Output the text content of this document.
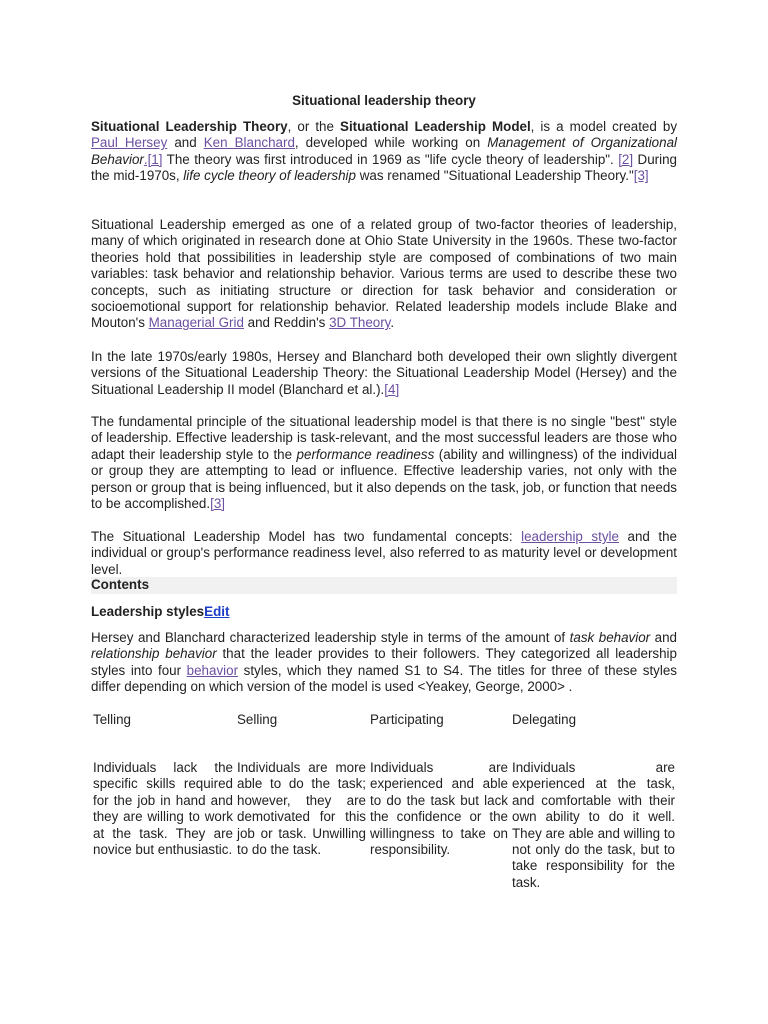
Situational leadership theory

Situational Leadership Theory, or the Situational Leadership Model, is a model created by Paul Hersey and Ken Blanchard, developed while working on Management of Organizational Behavior.[1] The theory was first introduced in 1969 as "life cycle theory of leadership". [2] During the mid-1970s, life cycle theory of leadership was renamed "Situational Leadership Theory."[3]

Situational Leadership emerged as one of a related group of two-factor theories of leadership, many of which originated in research done at Ohio State University in the 1960s. These two-factor theories hold that possibilities in leadership style are composed of combinations of two main variables: task behavior and relationship behavior. Various terms are used to describe these two concepts, such as initiating structure or direction for task behavior and consideration or socioemotional support for relationship behavior. Related leadership models include Blake and Mouton's Managerial Grid and Reddin's 3D Theory.

In the late 1970s/early 1980s, Hersey and Blanchard both developed their own slightly divergent versions of the Situational Leadership Theory: the Situational Leadership Model (Hersey) and the Situational Leadership II model (Blanchard et al.).[4]

The fundamental principle of the situational leadership model is that there is no single "best" style of leadership. Effective leadership is task-relevant, and the most successful leaders are those who adapt their leadership style to the performance readiness (ability and willingness) of the individual or group they are attempting to lead or influence. Effective leadership varies, not only with the person or group that is being influenced, but it also depends on the task, job, or function that needs to be accomplished.[3]

The Situational Leadership Model has two fundamental concepts: leadership style and the individual or group's performance readiness level, also referred to as maturity level or development level.

Contents
Leadership stylesEdit

Hersey and Blanchard characterized leadership style in terms of the amount of task behavior and relationship behavior that the leader provides to their followers. They categorized all leadership styles into four behavior styles, which they named S1 to S4. The titles for three of these styles differ depending on which version of the model is used <Yeakey, George, 2000> .

Telling	Selling	Participating	Delegating
Individuals lack the specific skills required for the job in hand and they are willing to work at the task. They are novice but enthusiastic.	Individuals are more able to do the task; however, they are demotivated for this job or task. Unwilling to do the task.	Individuals are experienced and able to do the task but lack the confidence or the willingness to take on responsibility.	Individuals are experienced at the task, and comfortable with their own ability to do it well. They are able and willing to not only do the task, but to take responsibility for the task.
